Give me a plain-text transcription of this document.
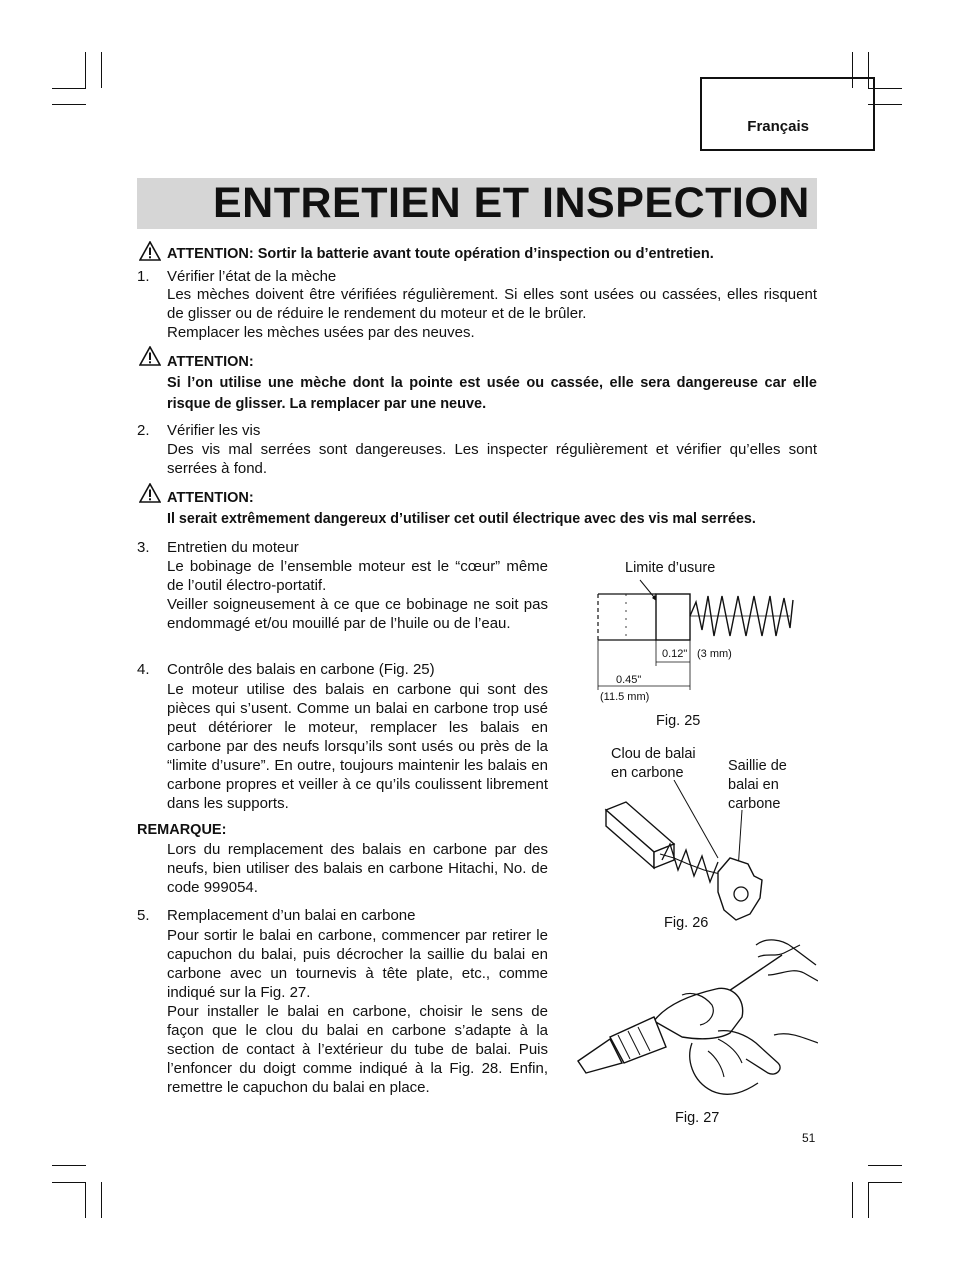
Français
ENTRETIEN ET INSPECTION
ATTENTION: Sortir la batterie avant toute opération d’inspection ou d’entretien.
1. Vérifier l’état de la mèche

Les mèches doivent être vérifiées régulièrement. Si elles sont usées ou cassées, elles risquent de glisser ou de réduire le rendement du moteur et de le brûler.

Remplacer les mèches usées par des neuves.

ATTENTION:
Si l’on utilise une mèche dont la pointe est usée ou cassée, elle sera dangereuse car elle risque de glisser. La remplacer par une neuve.
2. Vérifier les vis
Des vis mal serrées sont dangereuses. Les inspecter régulièrement et vérifier qu’elles sont serrées à fond.
ATTENTION:
Il serait extrêmement dangereux d’utiliser cet outil électrique avec des vis mal serrées.
3. Entretien du moteur

Le bobinage de l’ensemble moteur est le “cœur” même de l’outil électro-portatif.

Veiller soigneusement à ce que ce bobinage ne soit pas endommagé et/ou mouillé par de l’huile ou de l’eau.

4. Contrôle des balais en carbone (Fig. 25)
Le moteur utilise des balais en carbone qui sont des pièces qui s’usent. Comme un balai en carbone trop usé peut détériorer le moteur, remplacer les balais en carbone par des neufs lorsqu’ils sont usés ou près de la “limite d’usure”. En outre, toujours maintenir les balais en carbone propres et veiller à ce qu’ils coulissent librement dans les supports.
REMARQUE:
Lors du remplacement des balais en carbone par des neufs, bien utiliser des balais en carbone Hitachi, No. de code 999054.
5. Remplacement d’un balai en carbone

Pour sortir le balai en carbone, commencer par retirer le capuchon du balai, puis décrocher la saillie du balai en carbone avec un tournevis à tête plate, etc., comme indiqué sur la Fig. 27.

Pour installer le balai en carbone, choisir le sens de façon que le clou du balai en carbone s’adapte à la section de contact à l’extérieur du tube de balai. Puis l’enfoncer du doigt comme indiqué à la Fig. 28. Enfin, remettre le capuchon du balai en place.

Limite d’usure
0.12" (3 mm)
0.45"
(11.5 mm)
Fig. 25
Clou de balai
en carbone	Saillie de
balai en
carbone
Fig. 26
Fig. 27
51
